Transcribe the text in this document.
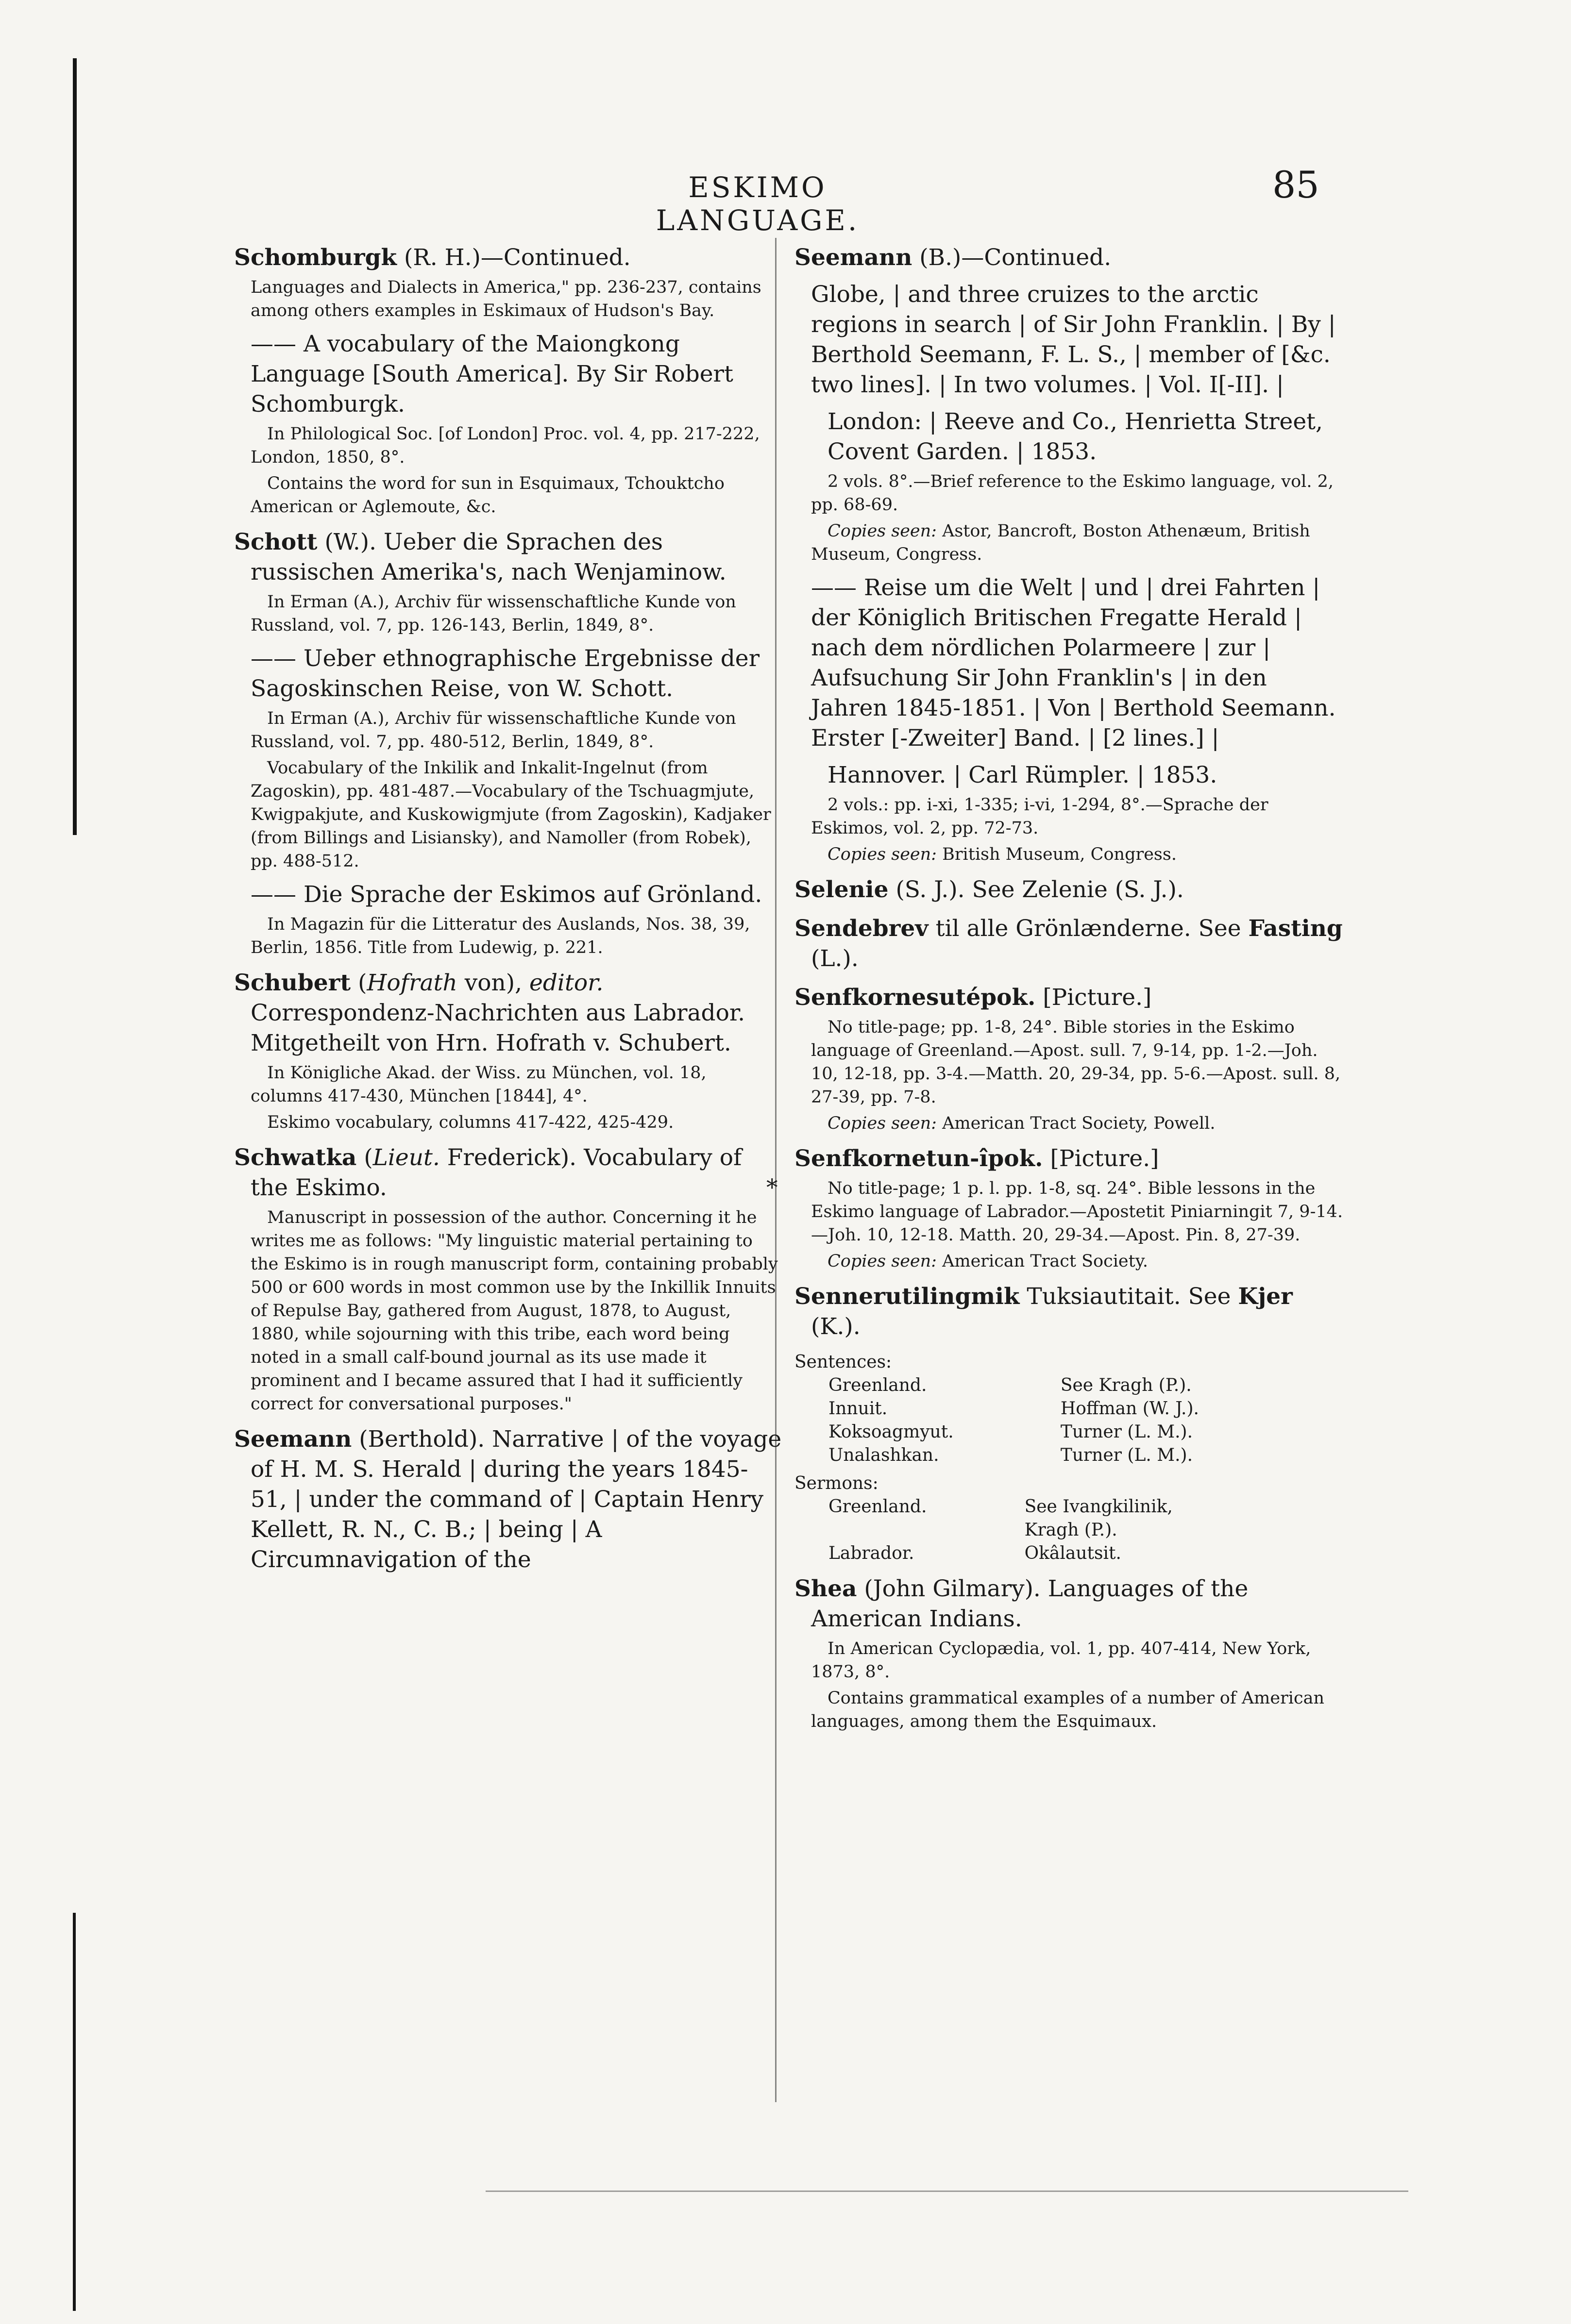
ESKIMO LANGUAGE.
85

Schomburgk (R. H.)—Continued.

Languages and Dialects in America," pp. 236-237, contains among others examples in Eskimaux of Hudson's Bay.

—— A vocabulary of the Maiongkong Language [South America]. By Sir Robert Schomburgk.

In Philological Soc. [of London] Proc. vol. 4, pp. 217-222, London, 1850, 8°.

Contains the word for sun in Esquimaux, Tchouktcho American or Aglemoute, &c.

Schott (W.). Ueber die Sprachen des russischen Amerika's, nach Wenjaminow.

In Erman (A.), Archiv für wissenschaftliche Kunde von Russland, vol. 7, pp. 126-143, Berlin, 1849, 8°.

—— Ueber ethnographische Ergebnisse der Sagoskinschen Reise, von W. Schott.

In Erman (A.), Archiv für wissenschaftliche Kunde von Russland, vol. 7, pp. 480-512, Berlin, 1849, 8°.

Vocabulary of the Inkilik and Inkalit-Ingelnut (from Zagoskin), pp. 481-487.—Vocabulary of the Tschuagmjute, Kwigpakjute, and Kuskowigmjute (from Zagoskin), Kadjaker (from Billings and Lisiansky), and Namoller (from Robek), pp. 488-512.

—— Die Sprache der Eskimos auf Grönland.

In Magazin für die Litteratur des Auslands, Nos. 38, 39, Berlin, 1856. Title from Ludewig, p. 221.

Schubert (Hofrath von), editor. Correspondenz-Nachrichten aus Labrador. Mitgetheilt von Hrn. Hofrath v. Schubert.

In Königliche Akad. der Wiss. zu München, vol. 18, columns 417-430, München [1844], 4°.

Eskimo vocabulary, columns 417-422, 425-429.

Schwatka (Lieut. Frederick). Vocabulary of the Eskimo.	*

Manuscript in possession of the author. Concerning it he writes me as follows: "My linguistic material pertaining to the Eskimo is in rough manuscript form, containing probably 500 or 600 words in most common use by the Inkillik Innuits of Repulse Bay, gathered from August, 1878, to August, 1880, while sojourning with this tribe, each word being noted in a small calf-bound journal as its use made it prominent and I became assured that I had it sufficiently correct for conversational purposes."

Seemann (Berthold). Narrative | of the voyage of H. M. S. Herald | during the years 1845-51, | under the command of | Captain Henry Kellett, R. N., C. B.; | being | A Circumnavigation of the

Seemann (B.)—Continued.

Globe, | and three cruizes to the arctic regions in search | of Sir John Franklin. | By | Berthold Seemann, F. L. S., | member of [&c. two lines]. | In two volumes. | Vol. I[-II]. |

London: | Reeve and Co., Henrietta Street, Covent Garden. | 1853.

2 vols. 8°.—Brief reference to the Eskimo language, vol. 2, pp. 68-69.

Copies seen: Astor, Bancroft, Boston Athenæum, British Museum, Congress.

—— Reise um die Welt | und | drei Fahrten | der Königlich Britischen Fregatte Herald | nach dem nördlichen Polarmeere | zur | Aufsuchung Sir John Franklin's | in den Jahren 1845-1851. | Von | Berthold Seemann. Erster [-Zweiter] Band. | [2 lines.] |

Hannover. | Carl Rümpler. | 1853.

2 vols.: pp. i-xi, 1-335; i-vi, 1-294, 8°.—Sprache der Eskimos, vol. 2, pp. 72-73.

Copies seen: British Museum, Congress.

Selenie (S. J.). See Zelenie (S. J.).

Sendebrev til alle Grönlænderne. See Fasting (L.).

Senfkornesutépok. [Picture.]

No title-page; pp. 1-8, 24°. Bible stories in the Eskimo language of Greenland.—Apost. sull. 7, 9-14, pp. 1-2.—Joh. 10, 12-18, pp. 3-4.—Matth. 20, 29-34, pp. 5-6.—Apost. sull. 8, 27-39, pp. 7-8.

Copies seen: American Tract Society, Powell.

Senfkornetun-îpok. [Picture.]

No title-page; 1 p. l. pp. 1-8, sq. 24°. Bible lessons in the Eskimo language of Labrador.—Apostetit Piniarningit 7, 9-14.—Joh. 10, 12-18. Matth. 20, 29-34.—Apost. Pin. 8, 27-39.

Copies seen: American Tract Society.

Sennerutilingmik Tuksiautitait. See Kjer (K.).

Sentences:

Greenland.	See Kragh (P.).
Innuit.	Hoffman (W. J.).
Koksoagmyut.	Turner (L. M.).
Unalashkan.	Turner (L. M.).

Sermons:

Greenland.	See Ivangkilinik,
	Kragh (P.).
Labrador.	Okâlautsit.

Shea (John Gilmary). Languages of the American Indians.

In American Cyclopædia, vol. 1, pp. 407-414, New York, 1873, 8°.

Contains grammatical examples of a number of American languages, among them the Esquimaux.
